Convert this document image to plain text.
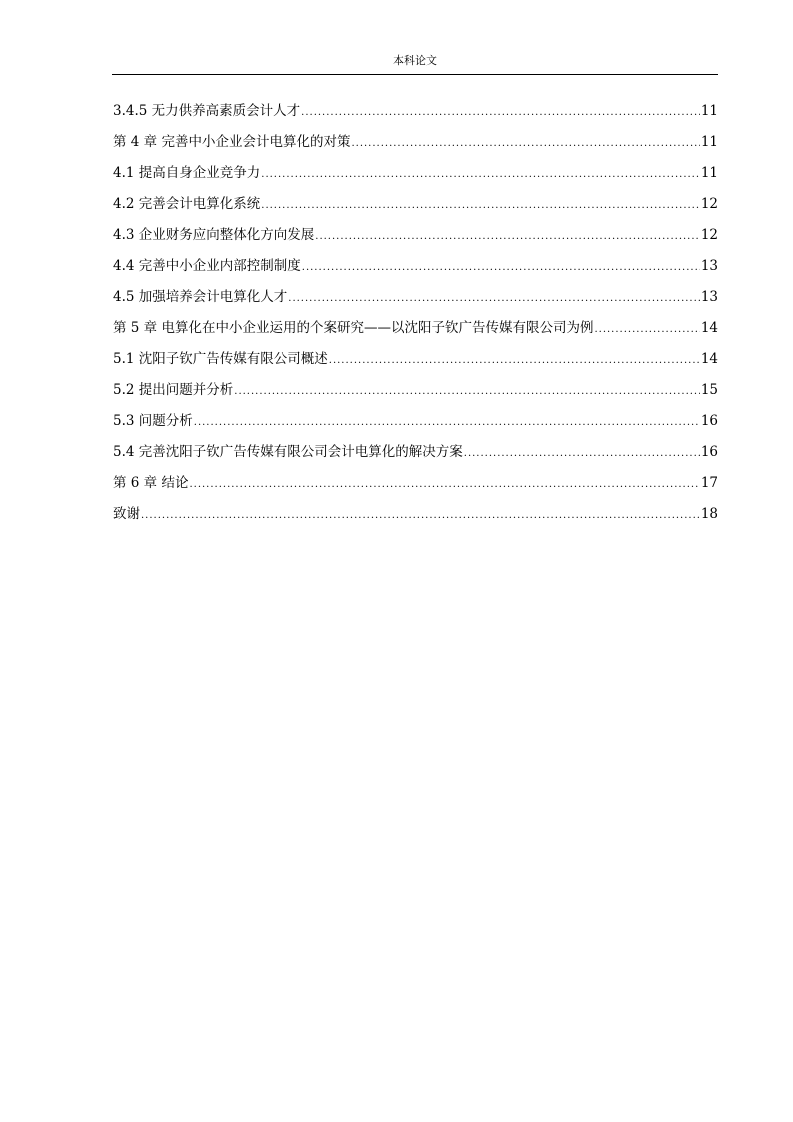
本科论文
3.4.5 无力供养高素质会计人才 .....	11
第 4 章 完善中小企业会计电算化的对策 .....	11
4.1 提高自身企业竞争力 .....	11
4.2 完善会计电算化系统 .....	12
4.3 企业财务应向整体化方向发展 .....	12
4.4 完善中小企业内部控制制度 .....	13
4.5 加强培养会计电算化人才 .....	13
第 5 章 电算化在中小企业运用的个案研究——以沈阳子钦广告传媒有限公司为例 .....	14
5.1 沈阳子钦广告传媒有限公司概述 .....	14
5.2 提出问题并分析 .....	15
5.3 问题分析 .....	16
5.4 完善沈阳子钦广告传媒有限公司会计电算化的解决方案 .....	16
第 6 章 结论 .....	17
致谢 .....	18
